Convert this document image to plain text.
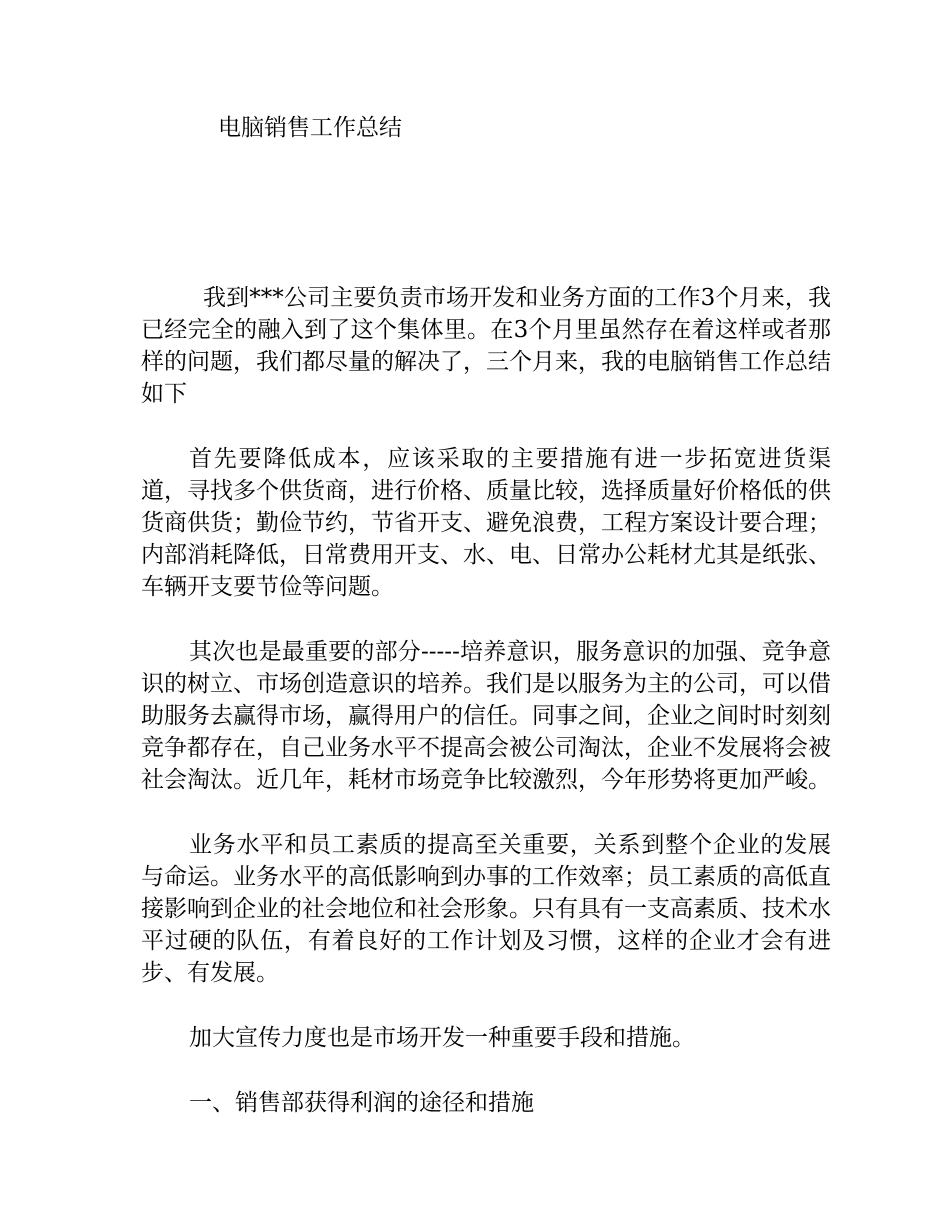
电脑销售工作总结

我到***公司主要负责市场开发和业务方面的工作3个月来，我已经完全的融入到了这个集体里。在3个月里虽然存在着这样或者那样的问题，我们都尽量的解决了，三个月来，我的电脑销售工作总结如下

首先要降低成本，应该采取的主要措施有进一步拓宽进货渠道，寻找多个供货商，进行价格、质量比较，选择质量好价格低的供货商供货；勤俭节约，节省开支、避免浪费，工程方案设计要合理；内部消耗降低，日常费用开支、水、电、日常办公耗材尤其是纸张、车辆开支要节俭等问题。

其次也是最重要的部分-----培养意识，服务意识的加强、竞争意识的树立、市场创造意识的培养。我们是以服务为主的公司，可以借助服务去赢得市场，赢得用户的信任。同事之间，企业之间时时刻刻竞争都存在，自己业务水平不提高会被公司淘汰，企业不发展将会被社会淘汰。近几年，耗材市场竞争比较激烈，今年形势将更加严峻。

业务水平和员工素质的提高至关重要，关系到整个企业的发展与命运。业务水平的高低影响到办事的工作效率；员工素质的高低直接影响到企业的社会地位和社会形象。只有具有一支高素质、技术水平过硬的队伍，有着良好的工作计划及习惯，这样的企业才会有进步、有发展。

加大宣传力度也是市场开发一种重要手段和措施。

一、销售部获得利润的途径和措施
